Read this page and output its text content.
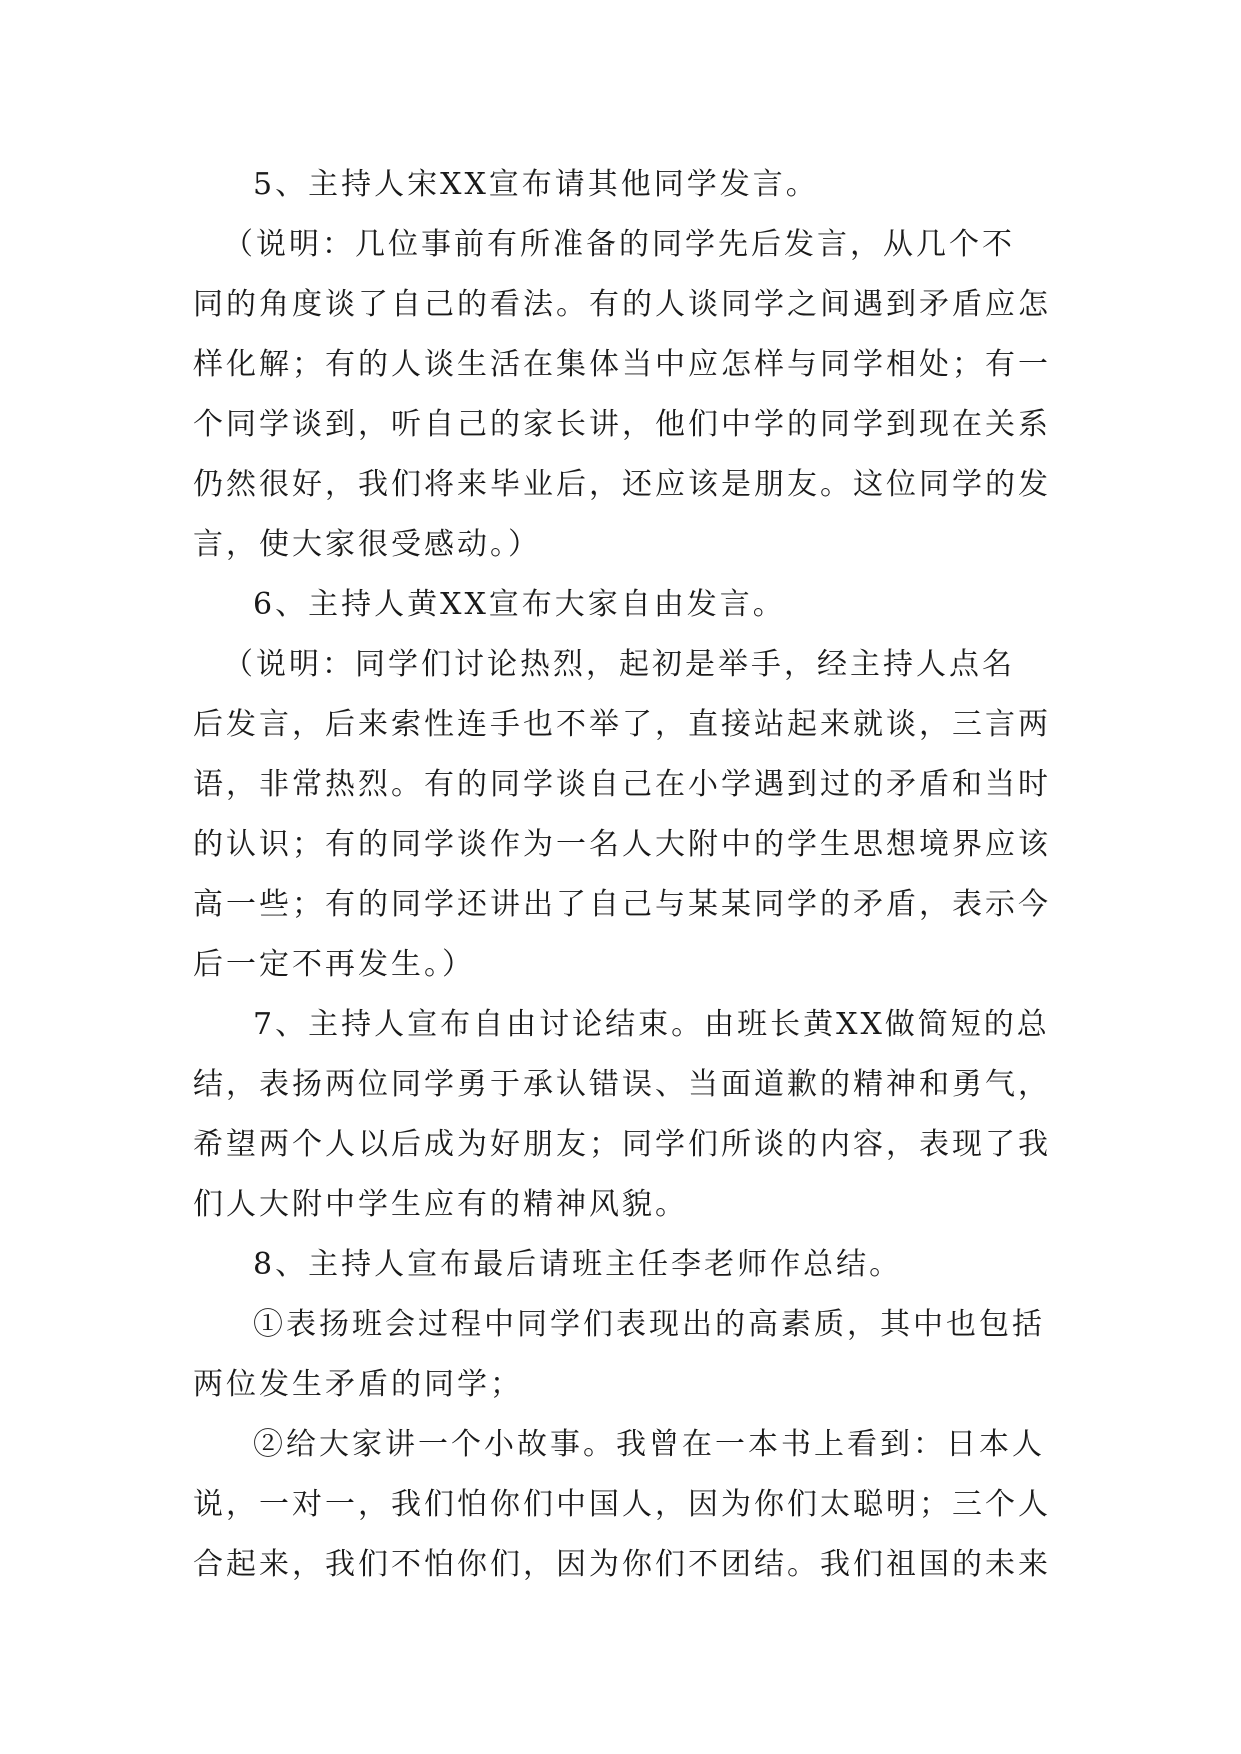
5、主持人宋XX宣布请其他同学发言。
（说明：几位事前有所准备的同学先后发言，从几个不
同的角度谈了自己的看法。有的人谈同学之间遇到矛盾应怎
样化解；有的人谈生活在集体当中应怎样与同学相处；有一
个同学谈到，听自己的家长讲，他们中学的同学到现在关系
仍然很好，我们将来毕业后，还应该是朋友。这位同学的发
言，使大家很受感动。）
6、主持人黄XX宣布大家自由发言。
（说明：同学们讨论热烈，起初是举手，经主持人点名
后发言，后来索性连手也不举了，直接站起来就谈，三言两
语，非常热烈。有的同学谈自己在小学遇到过的矛盾和当时
的认识；有的同学谈作为一名人大附中的学生思想境界应该
高一些；有的同学还讲出了自己与某某同学的矛盾，表示今
后一定不再发生。）
7、主持人宣布自由讨论结束。由班长黄XX做简短的总
结，表扬两位同学勇于承认错误、当面道歉的精神和勇气，
希望两个人以后成为好朋友；同学们所谈的内容，表现了我
们人大附中学生应有的精神风貌。
8、主持人宣布最后请班主任李老师作总结。
①表扬班会过程中同学们表现出的高素质，其中也包括
两位发生矛盾的同学；
②给大家讲一个小故事。我曾在一本书上看到：日本人
说，一对一，我们怕你们中国人，因为你们太聪明；三个人
合起来，我们不怕你们，因为你们不团结。我们祖国的未来
